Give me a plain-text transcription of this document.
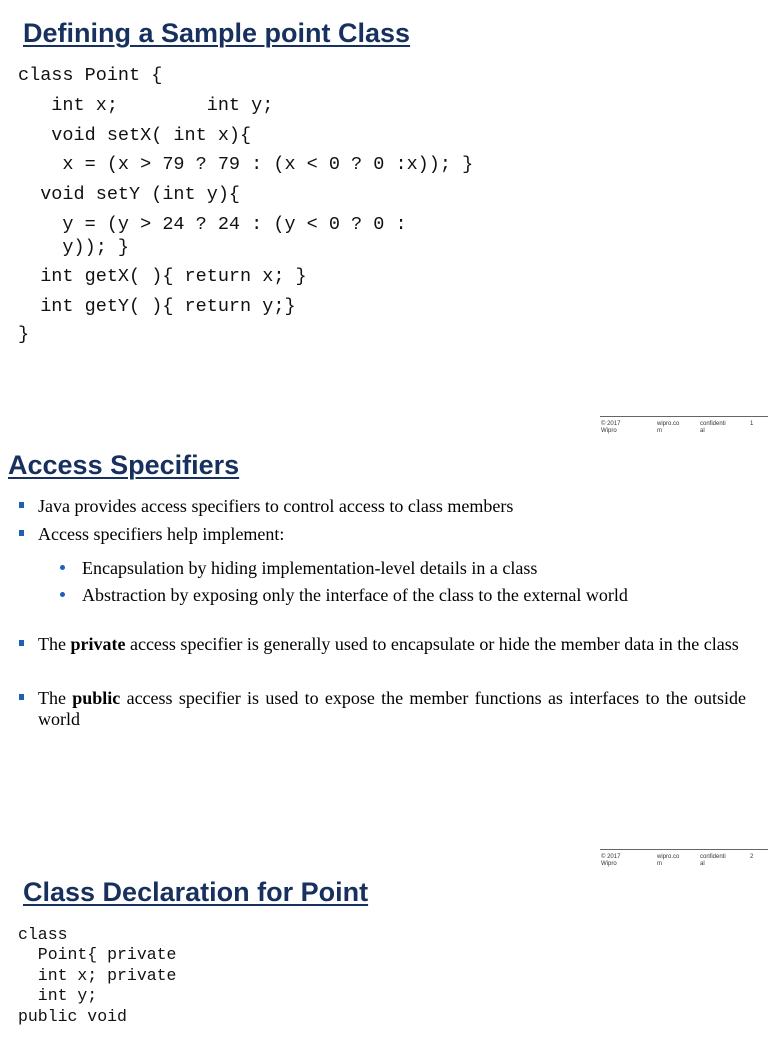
Defining a Sample point Class

class Point {

int x;        int y;

void setX( int x){

x = (x > 79 ? 79 : (x < 0 ? 0 :x)); }

void setY (int y){

y = (y > 24 ? 24 : (y < 0 ? 0 :

y)); }

int getX( ){ return x; }

int getY( ){ return y;}

}

© 2017
Wipro
wipro.co
m
confidenti
al
1
Access Specifiers
Java provides access specifiers to control access to class members
Access specifiers help implement:
Encapsulation by hiding implementation-level details in a class
Abstraction by exposing only the interface of the class to the external world
The private access specifier is generally used to encapsulate or hide the member data in the class
The public access specifier is used to expose the member functions as interfaces to the outside world
© 2017
Wipro
wipro.co
m
confidenti
al
2
Class Declaration for Point

class

Point{ private

int x; private

int y;

public void
